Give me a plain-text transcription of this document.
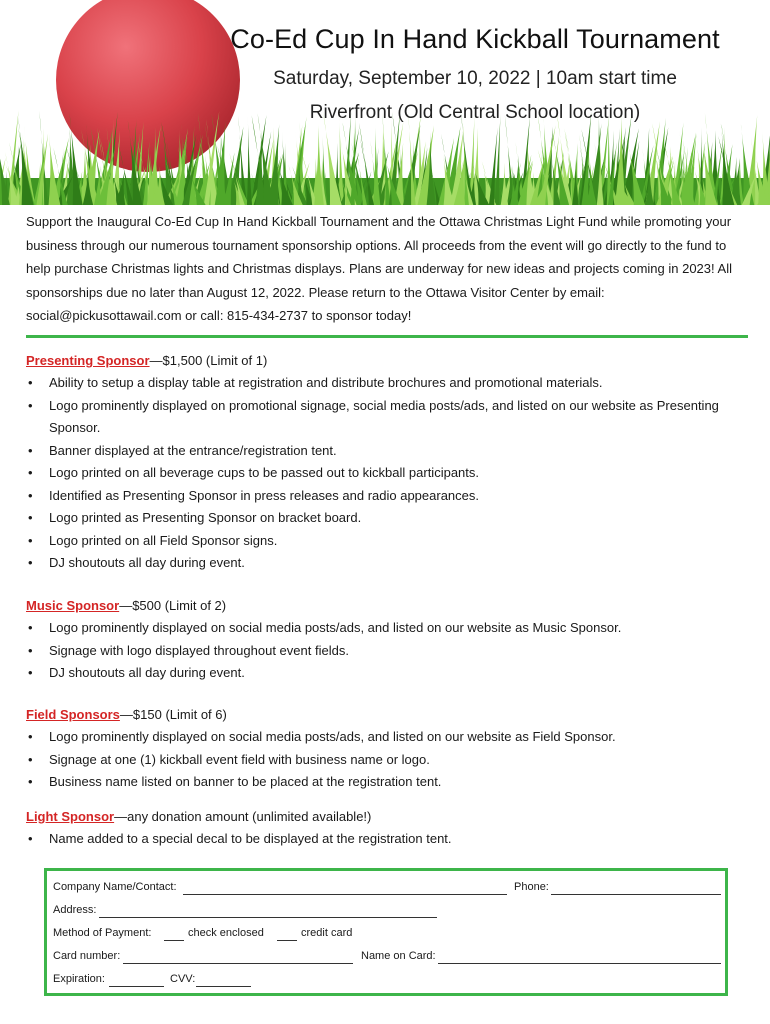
Co-Ed Cup In Hand Kickball Tournament
Saturday, September 10, 2022 | 10am start time
Riverfront (Old Central School location)
Support the Inaugural Co-Ed Cup In Hand Kickball Tournament and the Ottawa Christmas Light Fund while promoting your business through our numerous tournament sponsorship options. All proceeds from the event will go directly to the fund to help purchase Christmas lights and Christmas displays. Plans are underway for new ideas and projects coming in 2023! All sponsorships due no later than August 12, 2022. Please return to the Ottawa Visitor Center by email: social@pickusottawail.com or call: 815-434-2737 to sponsor today!
Presenting Sponsor—$1,500 (Limit of 1)
• Ability to setup a display table at registration and distribute brochures and promotional materials.
• Logo prominently displayed on promotional signage, social media posts/ads, and listed on our website as Presenting Sponsor.
• Banner displayed at the entrance/registration tent.
• Logo printed on all beverage cups to be passed out to kickball participants.
• Identified as Presenting Sponsor in press releases and radio appearances.
• Logo printed as Presenting Sponsor on bracket board.
• Logo printed on all Field Sponsor signs.
• DJ shoutouts all day during event.
Music Sponsor—$500 (Limit of 2)
• Logo prominently displayed on social media posts/ads, and listed on our website as Music Sponsor.
• Signage with logo displayed throughout event fields.
• DJ shoutouts all day during event.
Field Sponsors—$150 (Limit of 6)
• Logo prominently displayed on social media posts/ads, and listed on our website as Field Sponsor.
• Signage at one (1) kickball event field with business name or logo.
• Business name listed on banner to be placed at the registration tent.
Light Sponsor—any donation amount (unlimited available!)
• Name added to a special decal to be displayed at the registration tent.
Company Name/Contact:	Phone:
Address:
Method of Payment:	check enclosed	credit card
Card number:	Name on Card:
Expiration:	CVV:
